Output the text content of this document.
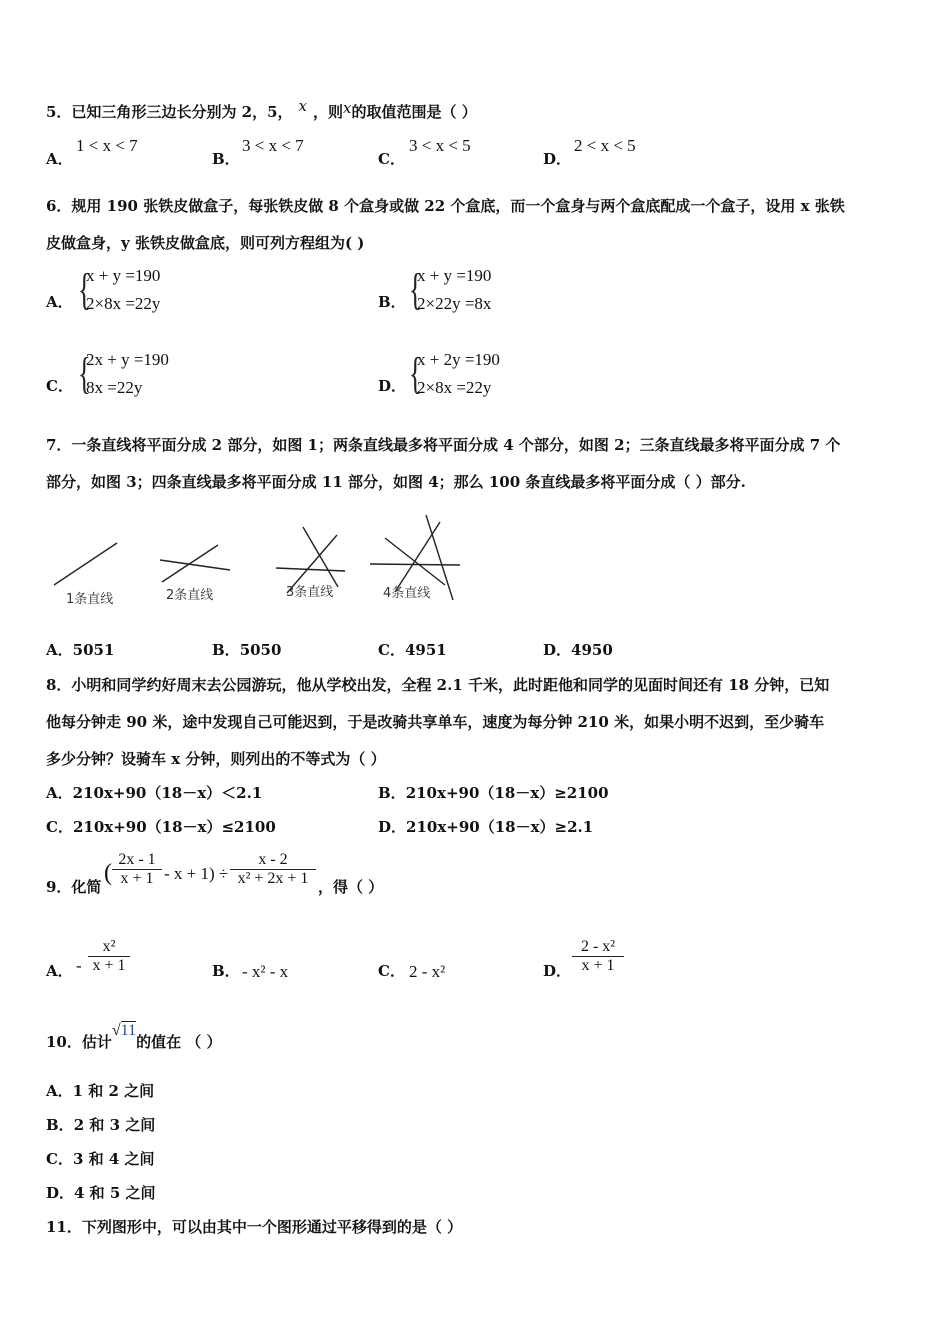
5．已知三角形三边长分别为 2，5， x ，则x的取值范围是（ ）
A．
1 < x < 7
B．
3 < x < 7
C．
3 < x < 5
D．
2 < x < 5
6．规用 190 张铁皮做盒子，每张铁皮做 8 个盒身或做 22 个盒底，而一个盒身与两个盒底配成一个盒子，设用 x 张铁
皮做盒身，y 张铁皮做盒底，则可列方程组为( )
A． {
x + y =190
2×8x =22y	B． {
x + y =190
2×22y =8x
C． {
2x + y =190
8x =22y	D． {
x + 2y =190
2×8x =22y
7．一条直线将平面分成 2 部分，如图 1；两条直线最多将平面分成 4 个部分，如图 2；三条直线最多将平面分成 7 个
部分，如图 3；四条直线最多将平面分成 11 部分，如图 4；那么 100 条直线最多将平面分成（ ）部分.
1条直线	2条直线	3条直线	4条直线
A．5051	B．5050	C．4951	D．4950
8．小明和同学约好周末去公园游玩，他从学校出发，全程 2.1 千米，此时距他和同学的见面时间还有 18 分钟，已知
他每分钟走 90 米，途中发现自己可能迟到，于是改骑共享单车，速度为每分钟 210 米，如果小明不迟到，至少骑车
多少分钟？设骑车 x 分钟，则列出的不等式为（ ）
A．210x+90（18－x）＜2.1	B．210x+90（18－x）≥2100
C．210x+90（18－x）≤2100	D．210x+90（18－x）≥2.1
9．化简
(
2x - 1
x + 1 - x + 1) ÷
x - 2
x² + 2x + 1 ，得（ ）
A． -
x²
x + 1	B． - x² - x	C． 2 - x²	D．
2 - x²
x + 1
10．估计√11的值在 （ ）
A．1 和 2 之间
B．2 和 3 之间
C．3 和 4 之间
D．4 和 5 之间
11．下列图形中，可以由其中一个图形通过平移得到的是（ ）
